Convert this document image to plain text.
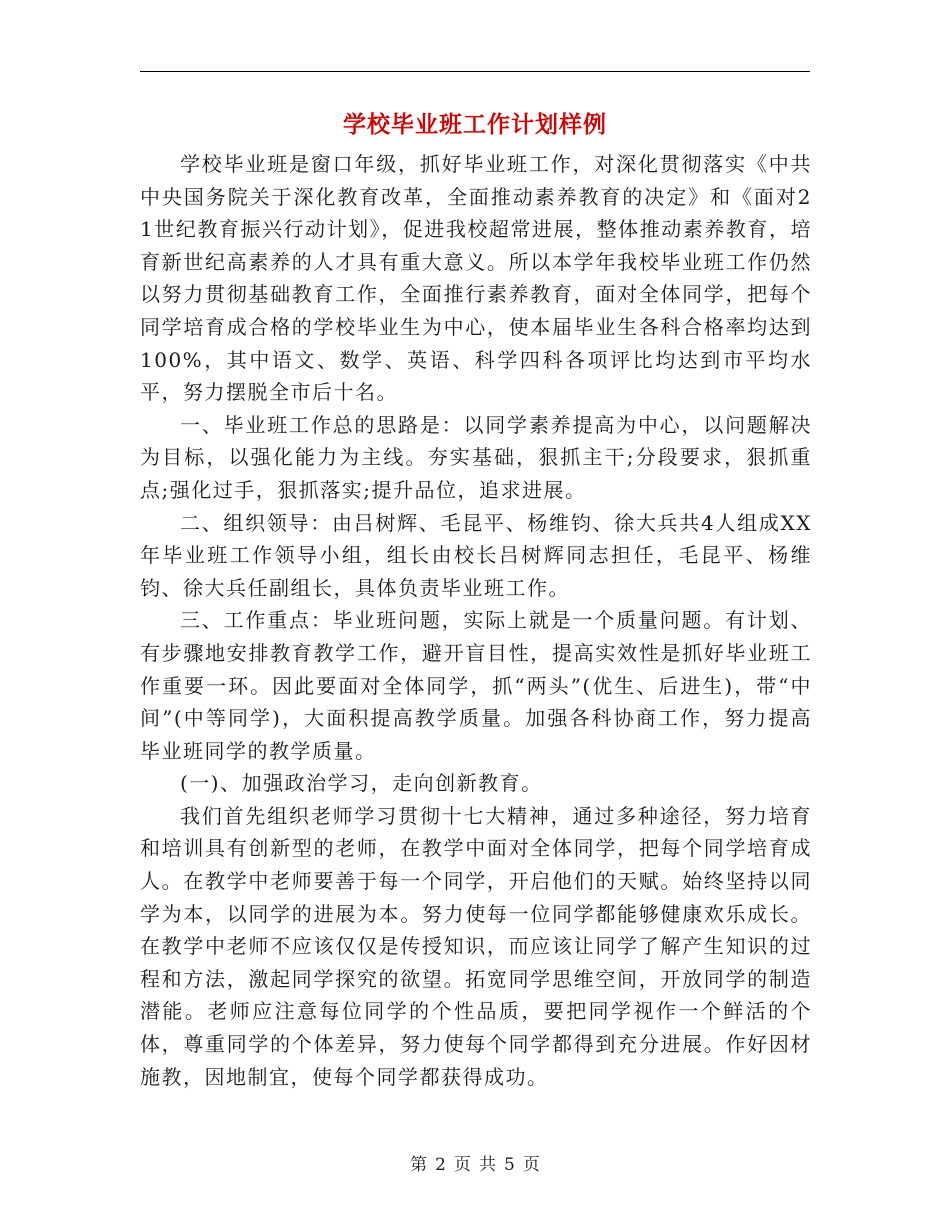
学校毕业班工作计划样例

学校毕业班是窗口年级，抓好毕业班工作，对深化贯彻落实《中共中央国务院关于深化教育改革，全面推动素养教育的决定》和《面对21世纪教育振兴行动计划》，促进我校超常进展，整体推动素养教育，培育新世纪高素养的人才具有重大意义。所以本学年我校毕业班工作仍然以努力贯彻基础教育工作，全面推行素养教育，面对全体同学，把每个同学培育成合格的学校毕业生为中心，使本届毕业生各科合格率均达到100%，其中语文、数学、英语、科学四科各项评比均达到市平均水平，努力摆脱全市后十名。

一、毕业班工作总的思路是：以同学素养提高为中心，以问题解决为目标，以强化能力为主线。夯实基础，狠抓主干;分段要求，狠抓重点;强化过手，狠抓落实;提升品位，追求进展。

二、组织领导：由吕树辉、毛昆平、杨维钧、徐大兵共4人组成XX年毕业班工作领导小组，组长由校长吕树辉同志担任，毛昆平、杨维钧、徐大兵任副组长，具体负责毕业班工作。

三、工作重点：毕业班问题，实际上就是一个质量问题。有计划、有步骤地安排教育教学工作，避开盲目性，提高实效性是抓好毕业班工作重要一环。因此要面对全体同学，抓“两头”(优生、后进生)，带“中间”(中等同学)，大面积提高教学质量。加强各科协商工作，努力提高毕业班同学的教学质量。

(一)、加强政治学习，走向创新教育。

我们首先组织老师学习贯彻十七大精神，通过多种途径，努力培育和培训具有创新型的老师，在教学中面对全体同学，把每个同学培育成人。在教学中老师要善于每一个同学，开启他们的天赋。始终坚持以同学为本，以同学的进展为本。努力使每一位同学都能够健康欢乐成长。在教学中老师不应该仅仅是传授知识，而应该让同学了解产生知识的过程和方法，激起同学探究的欲望。拓宽同学思维空间，开放同学的制造潜能。老师应注意每位同学的个性品质，要把同学视作一个鲜活的个体，尊重同学的个体差异，努力使每个同学都得到充分进展。作好因材施教，因地制宜，使每个同学都获得成功。

第 2 页 共 5 页
